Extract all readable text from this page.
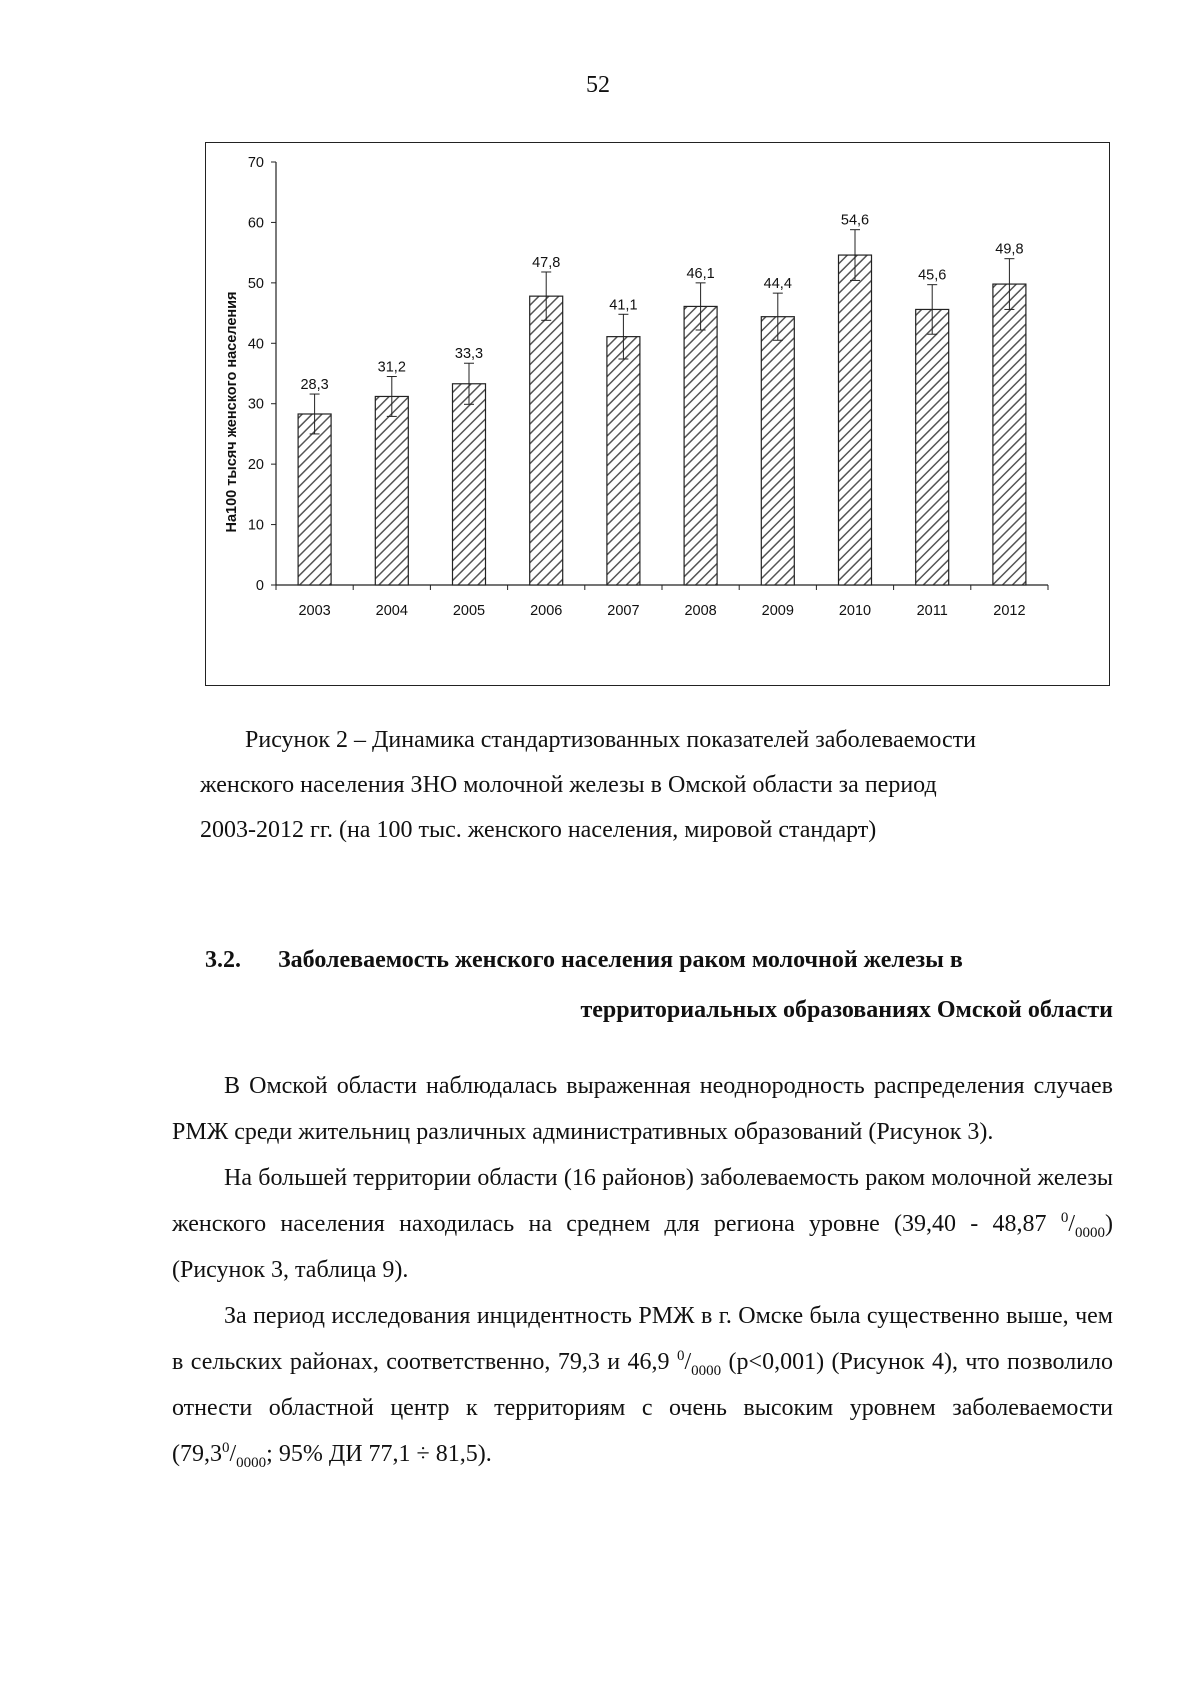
52
На100 тысяч женского населения
0
10
20
30
40
50
60
70
28,3
31,2
33,3
47,8
41,1
46,1
44,4
54,6
45,6
49,8
2003	2004	2005	2006	2007	2008	2009	2010	2011	2012

Рисунок 2 – Динамика стандартизованных показателей заболеваемости

женского населения ЗНО молочной железы в Омской области за период

2003-2012 гг. (на 100 тыс. женского населения, мировой стандарт)

3.2. Заболеваемость женского населения раком молочной железы в
территориальных образованиях Омской области

В Омской области наблюдалась выраженная неоднородность распределения случаев РМЖ среди жительниц различных административных образований (Рисунок 3).

На большей территории области (16 районов) заболеваемость раком молочной железы женского населения находилась на среднем для региона уровне (39,40 - 48,87 $^0/_{0000}$) (Рисунок 3, таблица 9).

За период исследования инцидентность РМЖ в г. Омске была существенно выше, чем в сельских районах, соответственно, 79,3 и 46,9 $^0/_{0000}$ (p<0,001) (Рисунок 4), что позволило отнести областной центр к территориям с очень высоким уровнем заболеваемости ($79,3^0/_{0000}$; 95% ДИ 77,1 ÷ 81,5).
